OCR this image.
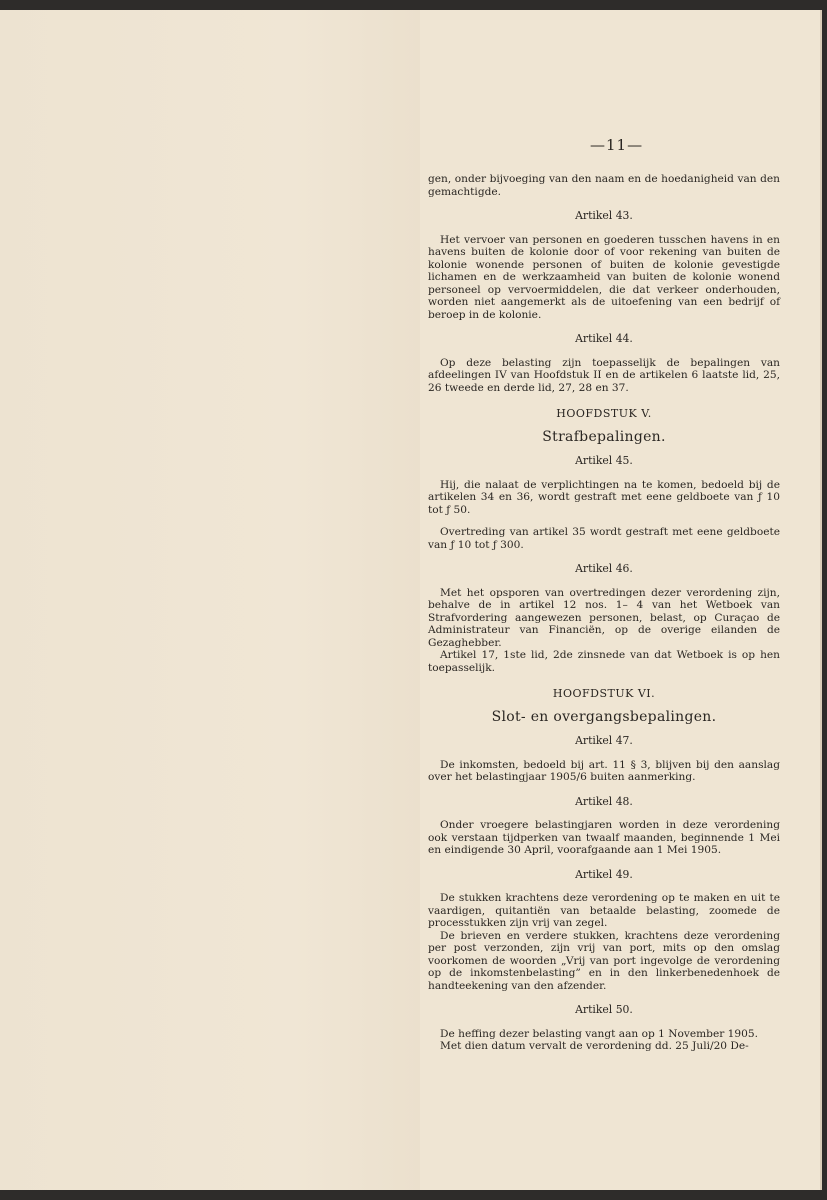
—11—

gen, onder bijvoeging van den naam en de hoedanigheid van den gemachtigde.

Artikel 43.

Het vervoer van personen en goederen tusschen havens in en havens buiten de kolonie door of voor rekening van buiten de kolonie wonende personen of buiten de kolonie gevestigde lichamen en de werkzaamheid van buiten de kolonie wonend personeel op vervoermiddelen, die dat verkeer onderhouden, worden niet aangemerkt als de uitoefening van een bedrijf of beroep in de kolonie.

Artikel 44.

Op deze belasting zijn toepasselijk de bepalingen van afdeelingen IV van Hoofdstuk II en de artikelen 6 laatste lid, 25, 26 tweede en derde lid, 27, 28 en 37.

HOOFDSTUK V.
Strafbepalingen.
Artikel 45.

Hij, die nalaat de verplichtingen na te komen, bedoeld bij de artikelen 34 en 36, wordt gestraft met eene geldboete van ƒ 10 tot ƒ 50.

Overtreding van artikel 35 wordt gestraft met eene geldboete van ƒ 10 tot ƒ 300.

Artikel 46.

Met het opsporen van overtredingen dezer verordening zijn, behalve de in artikel 12 nos. 1– 4 van het Wetboek van Strafvordering aangewezen personen, belast, op Curaçao de Administrateur van Financiën, op de overige eilanden de Gezaghebber.

Artikel 17, 1ste lid, 2de zinsnede van dat Wetboek is op hen toepasselijk.

HOOFDSTUK VI.
Slot- en overgangsbepalingen.
Artikel 47.

De inkomsten, bedoeld bij art. 11 § 3, blijven bij den aanslag over het belastingjaar 1905/6 buiten aanmerking.

Artikel 48.

Onder vroegere belastingjaren worden in deze verordening ook verstaan tijdperken van twaalf maanden, beginnende 1 Mei en eindigende 30 April, voorafgaande aan 1 Mei 1905.

Artikel 49.

De stukken krachtens deze verordening op te maken en uit te vaardigen, quitantiën van betaalde belasting, zoomede de processtukken zijn vrij van zegel.

De brieven en verdere stukken, krachtens deze verordening per post verzonden, zijn vrij van port, mits op den omslag voorkomen de woorden „Vrij van port ingevolge de verordening op de inkomstenbelasting” en in den linkerbenedenhoek de handteekening van den afzender.

Artikel 50.

De heffing dezer belasting vangt aan op 1 November 1905.

Met dien datum vervalt de verordening dd. 25 Juli/20 De-
